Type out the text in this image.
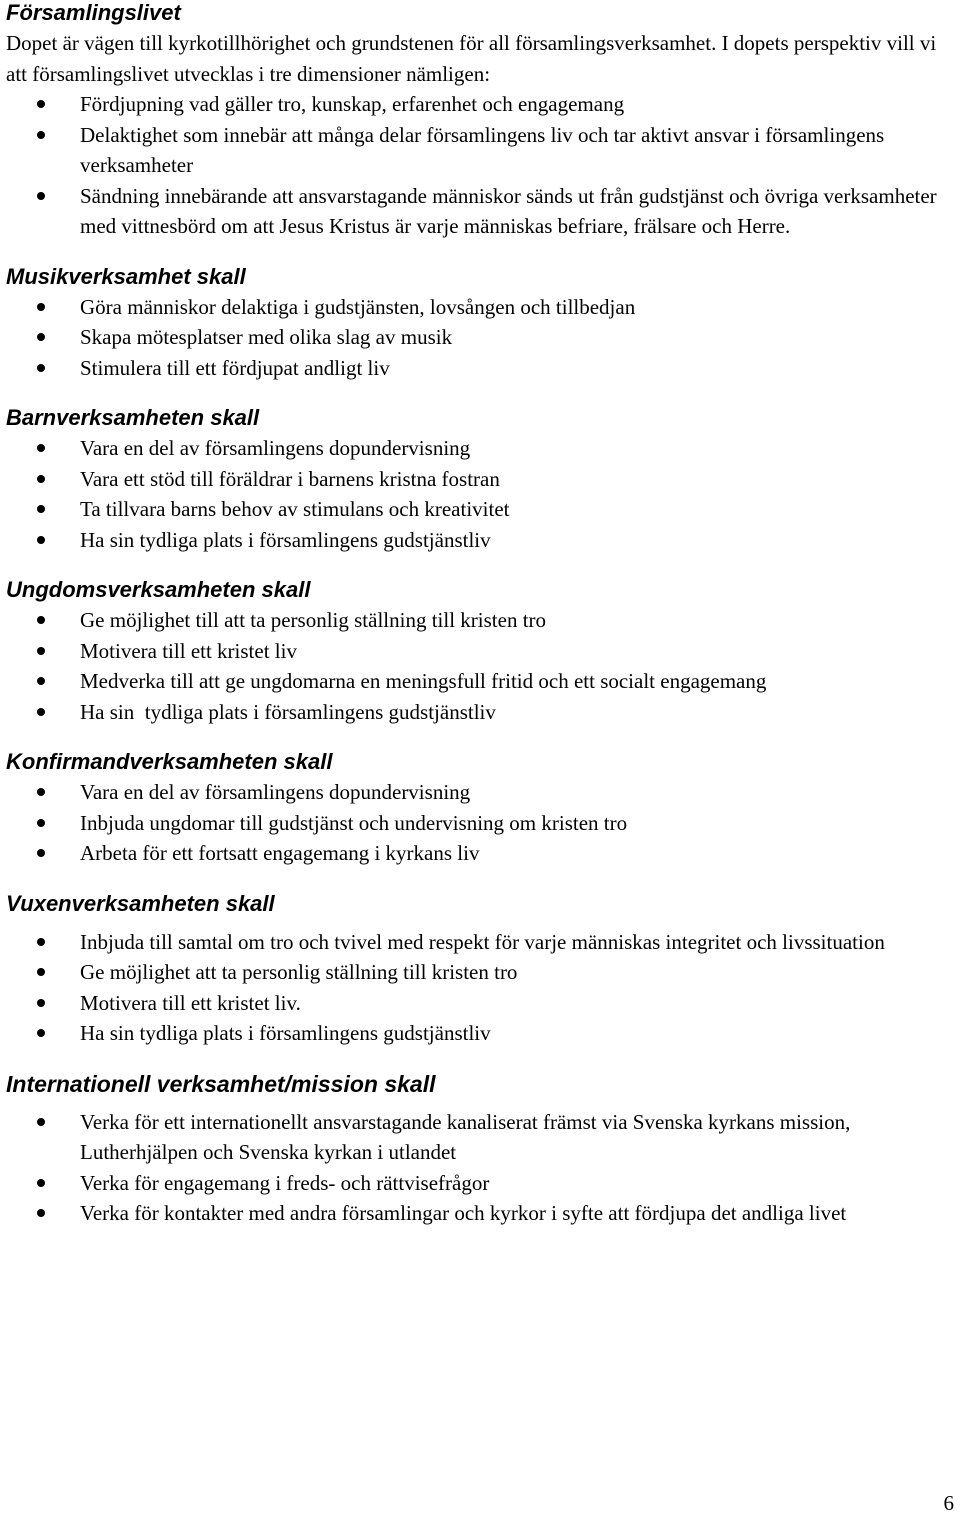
Församlingslivet

Dopet är vägen till kyrkotillhörighet och grundstenen för all församlingsverksamhet. I dopets perspektiv vill vi att församlingslivet utvecklas i tre dimensioner nämligen:

Fördjupning vad gäller tro, kunskap, erfarenhet och engagemang
Delaktighet som innebär att många delar församlingens liv och tar aktivt ansvar i församlingens verksamheter
Sändning innebärande att ansvarstagande människor sänds ut från gudstjänst och övriga verksamheter med vittnesbörd om att Jesus Kristus är varje människas befriare, frälsare och Herre.
Musikverksamhet skall
Göra människor delaktiga i gudstjänsten, lovsången och tillbedjan
Skapa mötesplatser med olika slag av musik
Stimulera till ett fördjupat andligt liv
Barnverksamheten skall
Vara en del av församlingens dopundervisning
Vara ett stöd till föräldrar i barnens kristna fostran
Ta tillvara barns behov av stimulans och kreativitet
Ha sin tydliga plats i församlingens gudstjänstliv
Ungdomsverksamheten skall
Ge möjlighet till att ta personlig ställning till kristen tro
Motivera till ett kristet liv
Medverka till att ge ungdomarna en meningsfull fritid och ett socialt engagemang
Ha sin  tydliga plats i församlingens gudstjänstliv
Konfirmandverksamheten skall
Vara en del av församlingens dopundervisning
Inbjuda ungdomar till gudstjänst och undervisning om kristen tro
Arbeta för ett fortsatt engagemang i kyrkans liv
Vuxenverksamheten skall
Inbjuda till samtal om tro och tvivel med respekt för varje människas integritet och livssituation
Ge möjlighet att ta personlig ställning till kristen tro
Motivera till ett kristet liv.
Ha sin tydliga plats i församlingens gudstjänstliv
Internationell verksamhet/mission skall
Verka för ett internationellt ansvarstagande kanaliserat främst via Svenska kyrkans mission, Lutherhjälpen och Svenska kyrkan i utlandet
Verka för engagemang i freds- och rättvisefrågor
Verka för kontakter med andra församlingar och kyrkor i syfte att fördjupa det andliga livet
6
